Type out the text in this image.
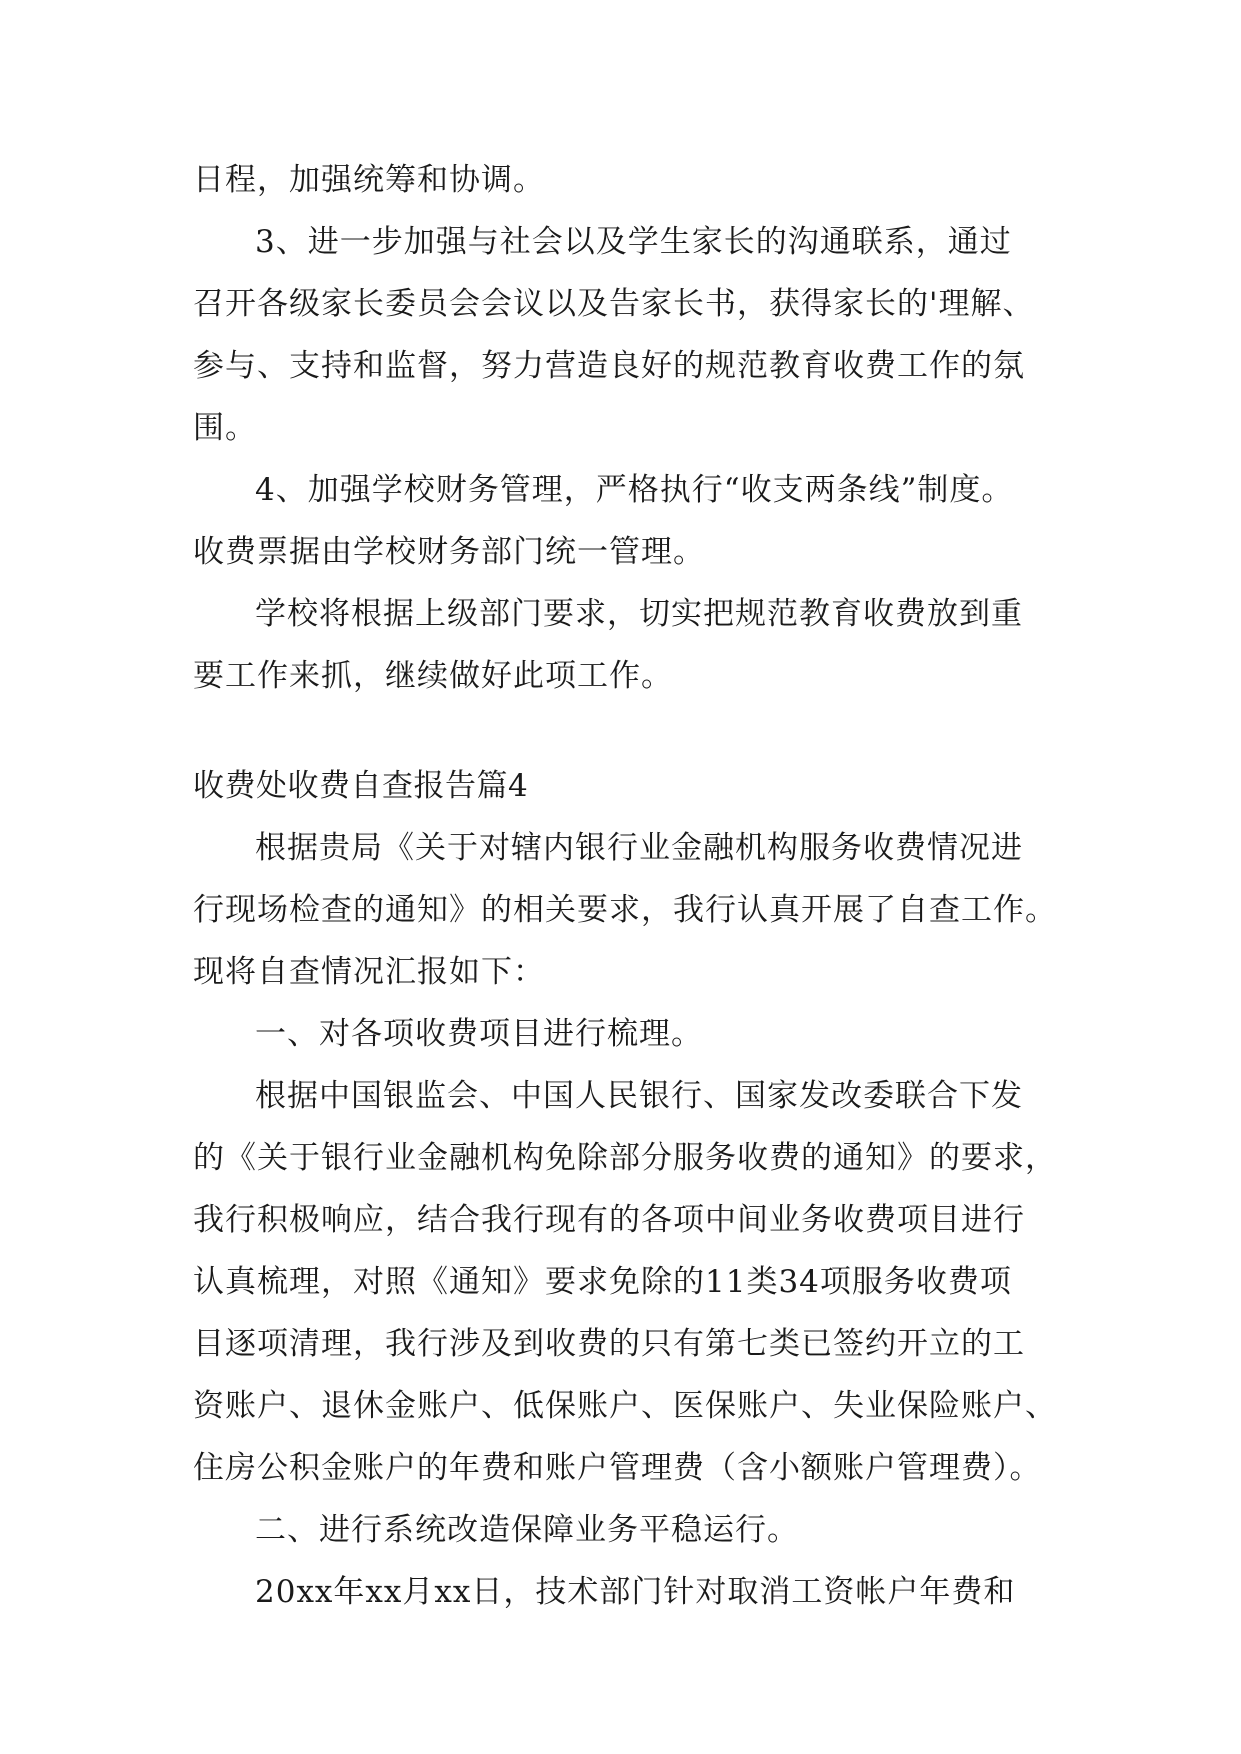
日程，加强统筹和协调。
3、进一步加强与社会以及学生家长的沟通联系，通过
召开各级家长委员会会议以及告家长书，获得家长的'理解、
参与、支持和监督，努力营造良好的规范教育收费工作的氛
围。
4、加强学校财务管理，严格执行“收支两条线”制度。
收费票据由学校财务部门统一管理。
学校将根据上级部门要求，切实把规范教育收费放到重
要工作来抓，继续做好此项工作。
收费处收费自查报告篇4
根据贵局《关于对辖内银行业金融机构服务收费情况进
行现场检查的通知》的相关要求，我行认真开展了自查工作。
现将自查情况汇报如下：
一、对各项收费项目进行梳理。
根据中国银监会、中国人民银行、国家发改委联合下发
的《关于银行业金融机构免除部分服务收费的通知》的要求，
我行积极响应，结合我行现有的各项中间业务收费项目进行
认真梳理，对照《通知》要求免除的11类34项服务收费项
目逐项清理，我行涉及到收费的只有第七类已签约开立的工
资账户、退休金账户、低保账户、医保账户、失业保险账户、
住房公积金账户的年费和账户管理费（含小额账户管理费）。
二、进行系统改造保障业务平稳运行。
20xx年xx月xx日，技术部门针对取消工资帐户年费和
